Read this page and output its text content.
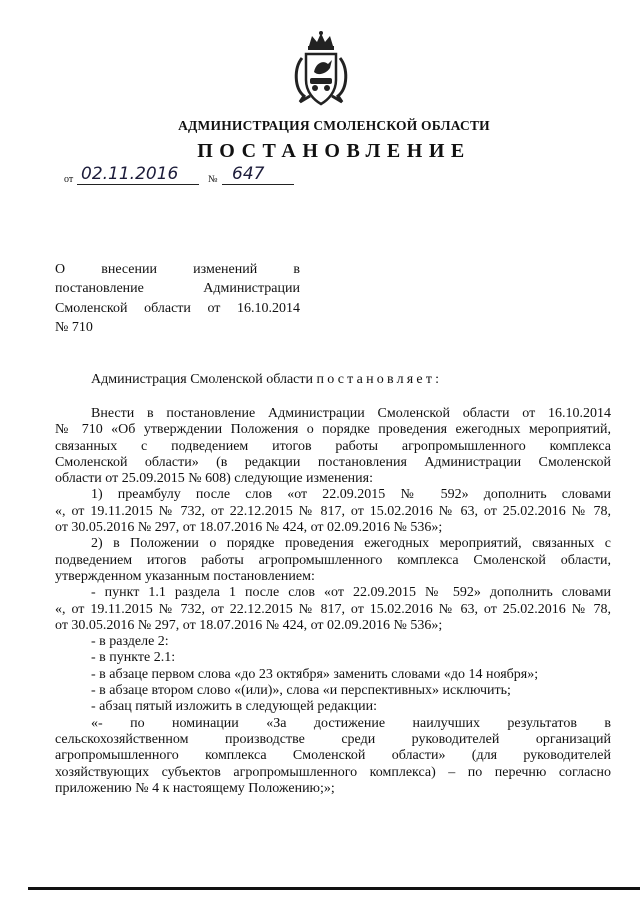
АДМИНИСТРАЦИЯ СМОЛЕНСКОЙ ОБЛАСТИ
ПОСТАНОВЛЕНИЕ
от 02.11.2016	№ 647
О внесении изменений в
постановление Администрации
Смоленской области от 16.10.2014
№ 710
Администрация Смоленской области постановляет:
Внести в постановление Администрации Смоленской области от 16.10.2014
№ 710 «Об утверждении Положения о порядке проведения ежегодных мероприятий,
связанных с подведением итогов работы агропромышленного комплекса
Смоленской области» (в редакции постановления Администрации Смоленской
области от 25.09.2015 № 608) следующие изменения:
1) преамбулу после слов «от 22.09.2015 № 592» дополнить словами
«, от 19.11.2015 № 732, от 22.12.2015 № 817, от 15.02.2016 № 63, от 25.02.2016 № 78,
от 30.05.2016 № 297, от 18.07.2016 № 424, от 02.09.2016 № 536»;
2) в Положении о порядке проведения ежегодных мероприятий, связанных с
подведением итогов работы агропромышленного комплекса Смоленской области,
утвержденном указанным постановлением:
- пункт 1.1 раздела 1 после слов «от 22.09.2015 № 592» дополнить словами
«, от 19.11.2015 № 732, от 22.12.2015 № 817, от 15.02.2016 № 63, от 25.02.2016 № 78,
от 30.05.2016 № 297, от 18.07.2016 № 424, от 02.09.2016 № 536»;
- в разделе 2:
- в пункте 2.1:
- в абзаце первом слова «до 23 октября» заменить словами «до 14 ноября»;
- в абзаце втором слово «(или)», слова «и перспективных» исключить;
- абзац пятый изложить в следующей редакции:
«- по номинации «За достижение наилучших результатов в
сельскохозяйственном производстве среди руководителей организаций
агропромышленного комплекса Смоленской области» (для руководителей
хозяйствующих субъектов агропромышленного комплекса) – по перечню согласно
приложению № 4 к настоящему Положению;»;
